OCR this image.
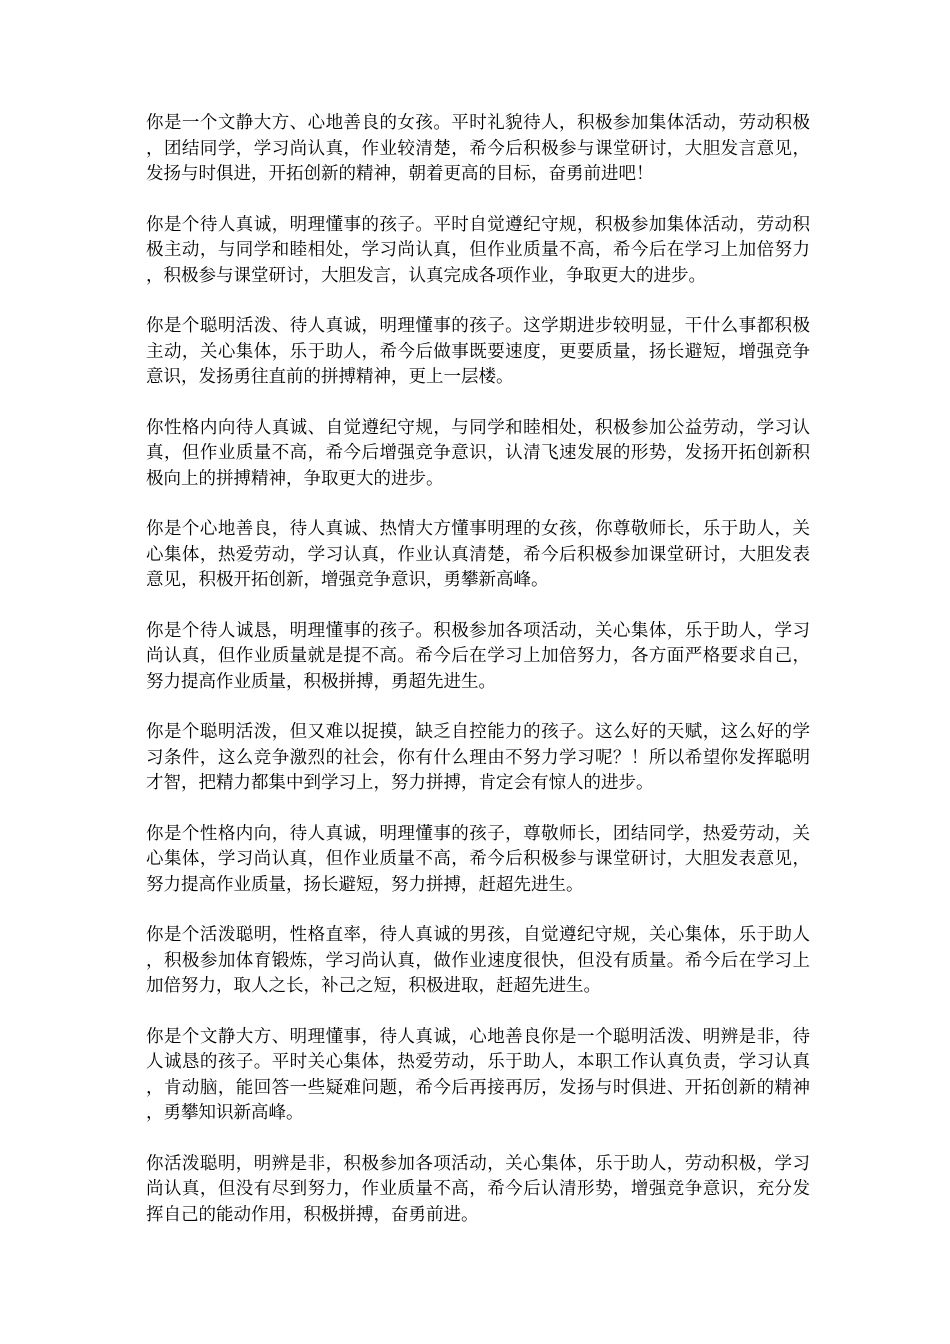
你是一个文静大方、心地善良的女孩。平时礼貌待人，积极参加集体活动，劳动积极，团结同学，学习尚认真，作业较清楚，希今后积极参与课堂研讨，大胆发言意见，发扬与时俱进，开拓创新的精神，朝着更高的目标，奋勇前进吧！

你是个待人真诚，明理懂事的孩子。平时自觉遵纪守规，积极参加集体活动，劳动积极主动，与同学和睦相处，学习尚认真，但作业质量不高，希今后在学习上加倍努力，积极参与课堂研讨，大胆发言，认真完成各项作业，争取更大的进步。

你是个聪明活泼、待人真诚，明理懂事的孩子。这学期进步较明显，干什么事都积极主动，关心集体，乐于助人，希今后做事既要速度，更要质量，扬长避短，增强竞争意识，发扬勇往直前的拼搏精神，更上一层楼。

你性格内向待人真诚、自觉遵纪守规，与同学和睦相处，积极参加公益劳动，学习认真，但作业质量不高，希今后增强竞争意识，认清飞速发展的形势，发扬开拓创新积极向上的拼搏精神，争取更大的进步。

你是个心地善良，待人真诚、热情大方懂事明理的女孩，你尊敬师长，乐于助人，关心集体，热爱劳动，学习认真，作业认真清楚，希今后积极参加课堂研讨，大胆发表意见，积极开拓创新，增强竞争意识，勇攀新高峰。

你是个待人诚恳，明理懂事的孩子。积极参加各项活动，关心集体，乐于助人，学习尚认真，但作业质量就是提不高。希今后在学习上加倍努力，各方面严格要求自己，努力提高作业质量，积极拼搏，勇超先进生。

你是个聪明活泼，但又难以捉摸，缺乏自控能力的孩子。这么好的天赋，这么好的学习条件，这么竞争激烈的社会，你有什么理由不努力学习呢？！所以希望你发挥聪明才智，把精力都集中到学习上，努力拼搏，肯定会有惊人的进步。

你是个性格内向，待人真诚，明理懂事的孩子，尊敬师长，团结同学，热爱劳动，关心集体，学习尚认真，但作业质量不高，希今后积极参与课堂研讨，大胆发表意见，努力提高作业质量，扬长避短，努力拼搏，赶超先进生。

你是个活泼聪明，性格直率，待人真诚的男孩，自觉遵纪守规，关心集体，乐于助人，积极参加体育锻炼，学习尚认真，做作业速度很快，但没有质量。希今后在学习上加倍努力，取人之长，补己之短，积极进取，赶超先进生。

你是个文静大方、明理懂事，待人真诚，心地善良你是一个聪明活泼、明辨是非，待人诚恳的孩子。平时关心集体，热爱劳动，乐于助人，本职工作认真负责，学习认真，肯动脑，能回答一些疑难问题，希今后再接再厉，发扬与时俱进、开拓创新的精神，勇攀知识新高峰。

你活泼聪明，明辨是非，积极参加各项活动，关心集体，乐于助人，劳动积极，学习尚认真，但没有尽到努力，作业质量不高，希今后认清形势，增强竞争意识，充分发挥自己的能动作用，积极拼搏，奋勇前进。
